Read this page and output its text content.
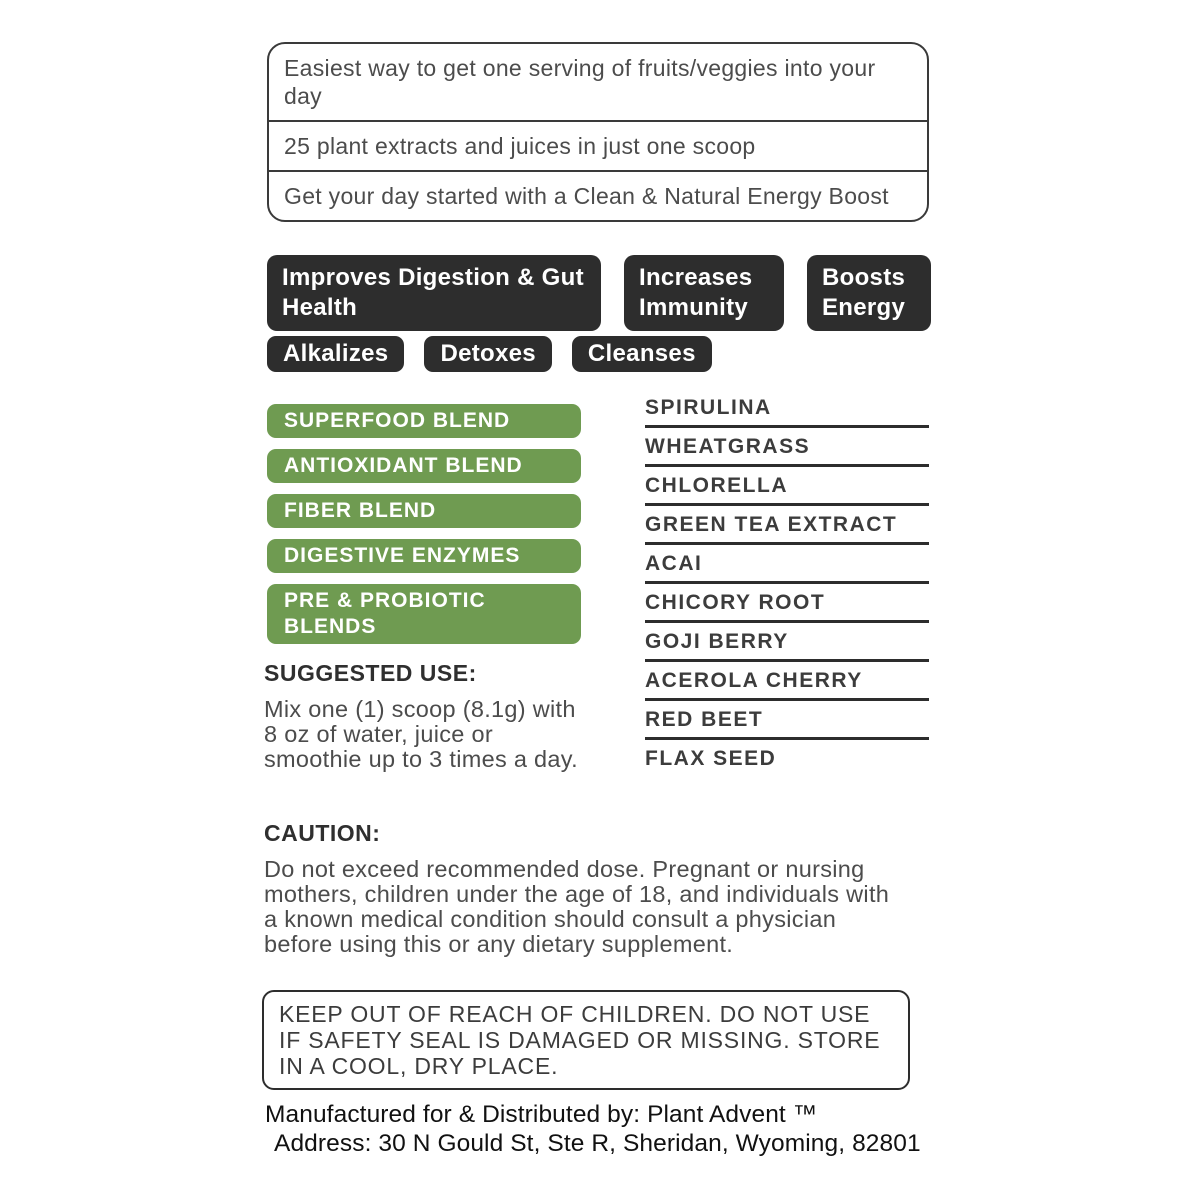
Easiest way to get one serving of fruits/veggies into your day
25 plant extracts and juices in just one scoop
Get your day started with a Clean & Natural Energy Boost
Improves Digestion & Gut Health
Increases Immunity
Boosts Energy
Alkalizes	Detoxes	Cleanses
SUPERFOOD BLEND
ANTIOXIDANT BLEND
FIBER BLEND
DIGESTIVE ENZYMES
PRE & PROBIOTIC BLENDS
SPIRULINA
WHEATGRASS
CHLORELLA
GREEN TEA EXTRACT
ACAI
CHICORY ROOT
GOJI BERRY
ACEROLA CHERRY
RED BEET
FLAX SEED
SUGGESTED USE:
Mix one (1) scoop (8.1g) with 8 oz of water, juice or smoothie up to 3 times a day.
CAUTION:
Do not exceed recommended dose. Pregnant or nursing mothers, children under the age of 18, and individuals with a known medical condition should consult a physician before using this or any dietary supplement.
KEEP OUT OF REACH OF CHILDREN. DO NOT USE IF SAFETY SEAL IS DAMAGED OR MISSING. STORE IN A COOL, DRY PLACE.
Manufactured for & Distributed by: Plant Advent ™
Address: 30 N Gould St, Ste R, Sheridan, Wyoming, 82801
